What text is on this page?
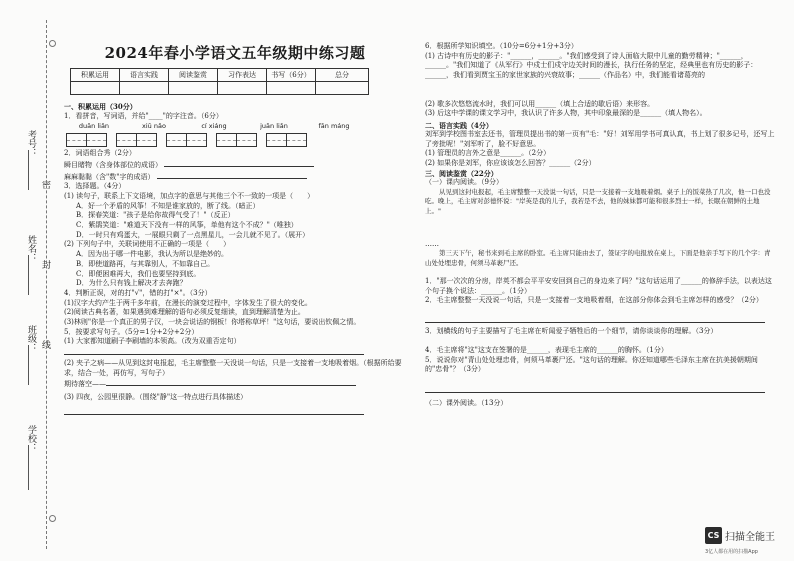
考号：
姓名：
班级：
学校：
密
封
线
2024年春小学语文五年级期中练习题
积累运用	语言实践	阅读鉴赏	习作表达	书写（6分）	总分

一、积累运用（30分）
1．看拼音，写词语，并给"____"的字注音。（6分）
duān liǎn	xiū nǎo	cí xiáng	juān liǎn	fān máng
2．词语组合秀（2分）
瞬目睹物（含身体部位的成语）
麻麻黏黏（含"数"字的成语）
3．选择题。（4分）
(1) 读句子，联系上下文语境，加点字的意思与其他三个不一致的一项是（　　）
A．好一个矛盾的风筝！不知是谁家放的，断了线。（暗正）
B．探春笑道："孩子是给你故得气受了！"（反正）
C．紫鹃笑道："难道天下没有一样的风筝，单他有这个不成？"（唯独）
D．一时只有鸡蛋大，一展眼只剩了一点黑星儿，一会儿就不见了。（展开）
(2) 下列句子中，关联词使用不正确的一项是（　　）
A．因为出于哪一件电影，我认为所以是绝妙的。
B．即使道路再，与其靠别人，不如靠自己。
C．即便困难再大，我们也要坚持到底。
D．为什么只有钱上解决才去奔跑？
4．判断正误，对的打"√"，错的打"×"。（3分）
(1)汉字大约产生于两千多年前，在漫长的演变过程中，字体发生了很大的变化。
(2)阅读古典名著，如果遇到难理解的语句必须反复细读，直到理解清楚为止。
(3)林则"你是一个真正的男子汉，一块会说话的钢板！你塔称草坪！"这句话，要说出钦佩之情。
5．按要求写句子。（5分=1分+2分+2分）
(1) 大家都知道刷子李刷墙的本领高。（改为双重否定句）
(2) 夹子之病——从见到这封电报起，毛主席整整一天没说一句话，只是一支接着一支地吸着烟。（根据所给要求，结合一处，再仿写，写句子）
期待落空——
(3) 四夜，公园里很静。（围绕"静"这一特点进行具体描述）
6．根据所学知识填空。（10分=6分+1分+3分）
(1) 古诗中有历史的影子："______，______。"我们感受到了诗人面临大限中儿童的勤劳精神；"______，______。"我们知道了《从军行》中戍士们戍守边关时间的漫长，执行任务的坚定，经典里也有历史的影子：______，我们看到贾宝玉的家世家族的兴衰故事；______（作品名）中，我们能看诸葛亮的
(2) 歌多次悠悠流水时，我们可以用______（填上合适的歇后语）来形容。
(3) 后这中学课的课文学习中，我认识了许多人物，其中印象最深的是______（填人物名）。
二、语言实践（4分）
刘军到学校图书室去还书，管理员提出书的第一页有"毛："好！刘军用学书可真认真，书上划了很多记号，还写上了旁批呢！"刘军听了，脸不好意思。
(1) 管理员的言外之意是______。（2分）
(2) 如果你是刘军，你应该该怎么回答？______（2分）
三、阅读鉴赏（22分）
（一）课内阅读。（9分）
从见到这封电报起，毛主席整整一天没说一句话，只是一支接着一支地吸着烟。桌子上的饭菜热了几次，他一口也没吃。晚上，毛主席对彭德怀说："岸英是我的儿子，我若是不去，他的妹妹都可能和很多烈士一样，长眠在朝鲜的土地上。"
……
第三天下午，秘书来到毛主席的卧室。毛主席只能由去了，签证字的电报放在桌上，下面是他亲手写下的几个字：青山处处埋忠骨，何须马革裹尸还。
1．"那一次次的分房，岸英不都会平平安安回到自己的身边来了吗？"这句话运用了______的修辞手法，以表达这个句子换个说法：______。（1分）
2．毛主席整整一天没说一句话，只是一支接着一支地吸着烟，在这部分你体会到毛主席怎样的感受？（2分）
3．划横线的句子主要描写了毛主席在听闻爱子牺牲后的一个细节，请你谈谈你的理解。（3分）
4．毛主席将"这"这支在签署的是______，表现毛主席的______的胸怀。（1分）
5．说说你对"青山处处埋忠骨，何须马革裹尸还。"这句话的理解。你还知道哪些毛泽东主席在抗美援朝期间的"忠骨"？（3分）
（二）课外阅读。（13分）
CS 扫描全能王
3亿人都在用的扫描App
